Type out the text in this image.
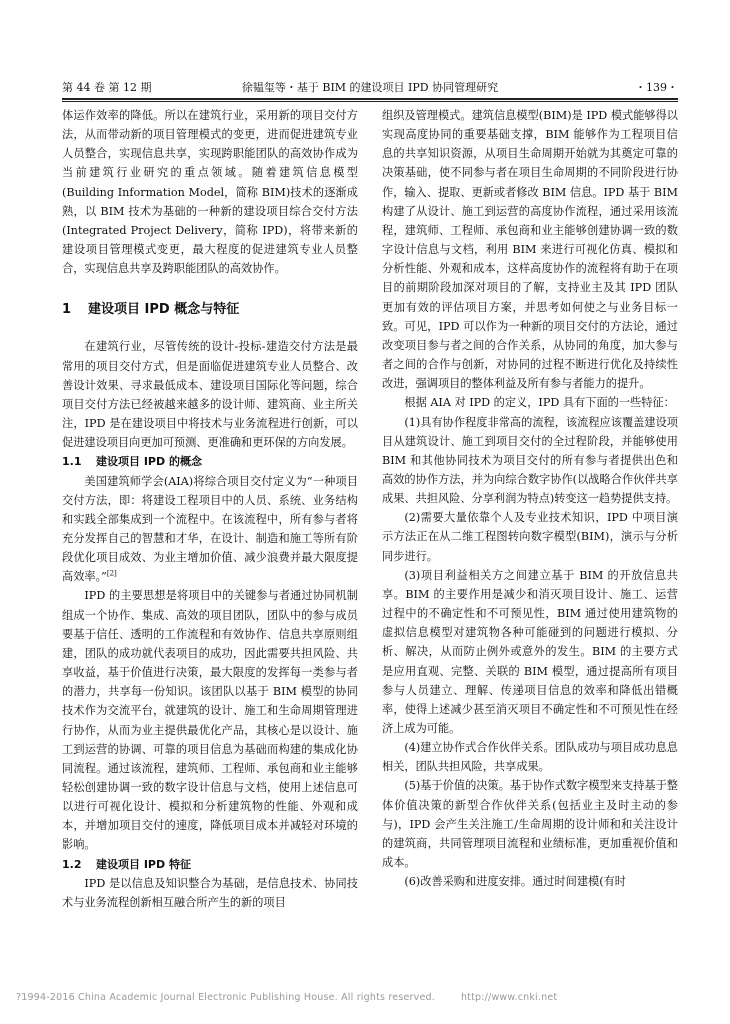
第 44 卷 第 12 期	徐韫玺等・基于 BIM 的建设项目 IPD 协同管理研究	・139・

体运作效率的降低。所以在建筑行业，采用新的项目交付方法，从而带动新的项目管理模式的变更，进而促进建筑专业人员整合，实现信息共享，实现跨职能团队的高效协作成为当前建筑行业研究的重点领域。随着建筑信息模型(Building Information Model，简称 BIM)技术的逐渐成熟，以 BIM 技术为基础的一种新的建设项目综合交付方法(Integrated Project Delivery，简称 IPD)，将带来新的建设项目管理模式变更，最大程度的促进建筑专业人员整合，实现信息共享及跨职能团队的高效协作。

1 建设项目 IPD 概念与特征

在建筑行业，尽管传统的设计-投标-建造交付方法是最常用的项目交付方式，但是面临促进建筑专业人员整合、改善设计效果、寻求最低成本、建设项目国际化等问题，综合项目交付方法已经被越来越多的设计师、建筑商、业主所关注，IPD 是在建设项目中将技术与业务流程进行创新，可以促进建设项目向更加可预测、更准确和更环保的方向发展。

1.1 建设项目 IPD 的概念

美国建筑师学会(AIA)将综合项目交付定义为“一种项目交付方法，即：将建设工程项目中的人员、系统、业务结构和实践全部集成到一个流程中。在该流程中，所有参与者将充分发挥自己的智慧和才华，在设计、制造和施工等所有阶段优化项目成效、为业主增加价值、减少浪费并最大限度提高效率。”[2]

IPD 的主要思想是将项目中的关键参与者通过协同机制组成一个协作、集成、高效的项目团队，团队中的参与成员要基于信任、透明的工作流程和有效协作、信息共享原则组建，团队的成功就代表项目的成功，因此需要共担风险、共享收益，基于价值进行决策，最大限度的发挥每一类参与者的潜力，共享每一份知识。该团队以基于 BIM 模型的协同技术作为交流平台，就建筑的设计、施工和生命周期管理进行协作，从而为业主提供最优化产品，其核心是以设计、施工到运营的协调、可靠的项目信息为基础而构建的集成化协同流程。通过该流程，建筑师、工程师、承包商和业主能够轻松创建协调一致的数字设计信息与文档，使用上述信息可以进行可视化设计、模拟和分析建筑物的性能、外观和成本，并增加项目交付的速度，降低项目成本并减轻对环境的影响。

1.2 建设项目 IPD 特征

IPD 是以信息及知识整合为基础，是信息技术、协同技术与业务流程创新相互融合所产生的新的项目

组织及管理模式。建筑信息模型(BIM)是 IPD 模式能够得以实现高度协同的重要基础支撑，BIM 能够作为工程项目信息的共享知识资源，从项目生命周期开始就为其奠定可靠的决策基础，使不同参与者在项目生命周期的不同阶段进行协作，输入、提取、更新或者修改 BIM 信息。IPD 基于 BIM 构建了从设计、施工到运营的高度协作流程，通过采用该流程，建筑师、工程师、承包商和业主能够创建协调一致的数字设计信息与文档，利用 BIM 来进行可视化仿真、模拟和分析性能、外观和成本，这样高度协作的流程将有助于在项目的前期阶段加深对项目的了解，支持业主及其 IPD 团队更加有效的评估项目方案，并思考如何使之与业务目标一致。可见，IPD 可以作为一种新的项目交付的方法论，通过改变项目参与者之间的合作关系，从协同的角度，加大参与者之间的合作与创新，对协同的过程不断进行优化及持续性改进，强调项目的整体利益及所有参与者能力的提升。

根据 AIA 对 IPD 的定义，IPD 具有下面的一些特征：

(1)具有协作程度非常高的流程，该流程应该覆盖建设项目从建筑设计、施工到项目交付的全过程阶段，并能够使用 BIM 和其他协同技术为项目交付的所有参与者提供出色和高效的协作方法，并为向综合数字协作(以战略合作伙伴共享成果、共担风险、分享利润为特点)转变这一趋势提供支持。

(2)需要大量依靠个人及专业技术知识，IPD 中项目演示方法正在从二维工程图转向数字模型(BIM)，演示与分析同步进行。

(3)项目利益相关方之间建立基于 BIM 的开放信息共享。BIM 的主要作用是减少和消灭项目设计、施工、运营过程中的不确定性和不可预见性，BIM 通过使用建筑物的虚拟信息模型对建筑物各种可能碰到的问题进行模拟、分析、解决，从而防止例外或意外的发生。BIM 的主要方式是应用直观、完整、关联的 BIM 模型，通过提高所有项目参与人员建立、理解、传递项目信息的效率和降低出错概率，使得上述减少甚至消灭项目不确定性和不可预见性在经济上成为可能。

(4)建立协作式合作伙伴关系。团队成功与项目成功息息相关，团队共担风险，共享成果。

(5)基于价值的决策。基于协作式数字模型来支持基于整体价值决策的新型合作伙伴关系(包括业主及时主动的参与)，IPD 会产生关注施工/生命周期的设计师和和关注设计的建筑商，共同管理项目流程和业绩标准，更加重视价值和成本。

(6)改善采购和进度安排。通过时间建模(有时

?1994-2016 China Academic Journal Electronic Publishing House. All rights reserved.	http://www.cnki.net
